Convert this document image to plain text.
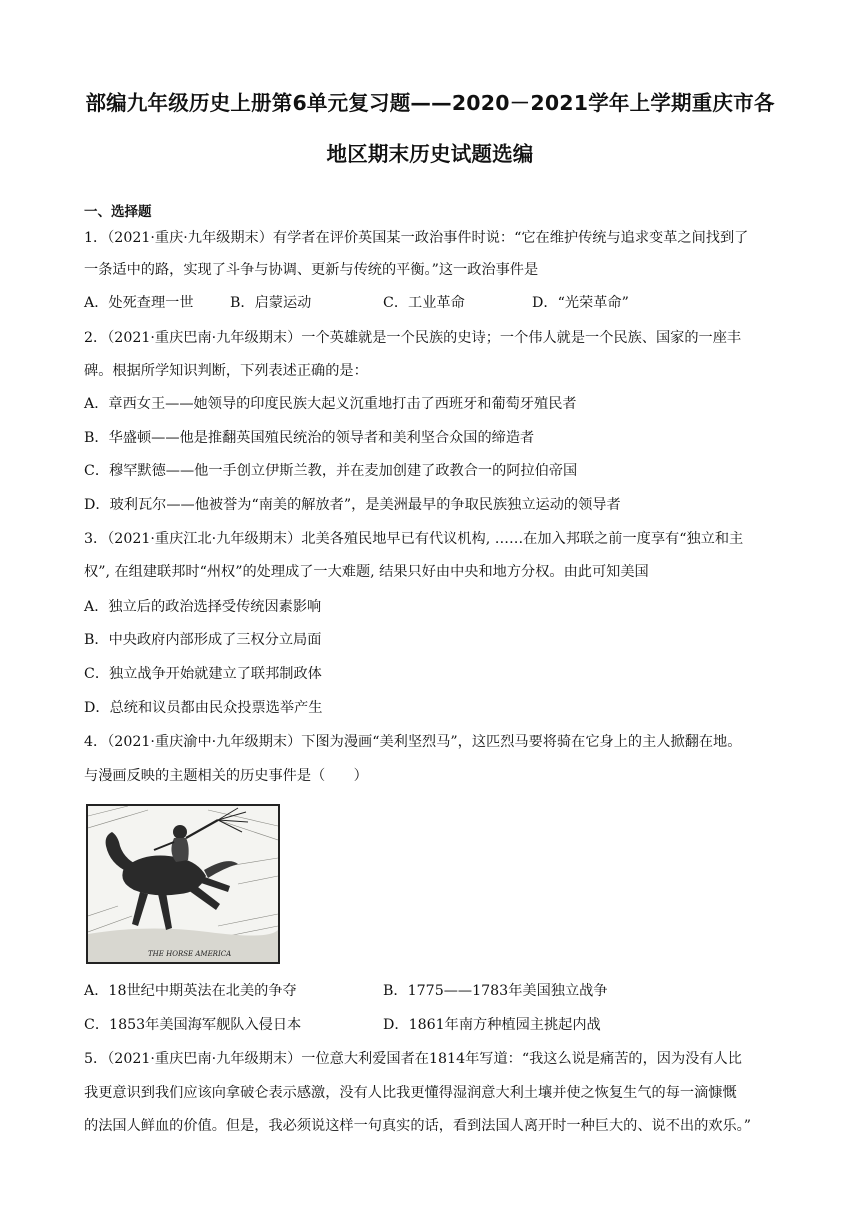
部编九年级历史上册第6单元复习题——2020－2021学年上学期重庆市各
地区期末历史试题选编
一、选择题
1．（2021·重庆·九年级期末）有学者在评价英国某一政治事件时说：“它在维护传统与追求变革之间找到了
一条适中的路，实现了斗争与协调、更新与传统的平衡。”这一政治事件是
A．处死查理一世	B．启蒙运动	C．工业革命	D．“光荣革命”
2．（2021·重庆巴南·九年级期末）一个英雄就是一个民族的史诗；一个伟人就是一个民族、国家的一座丰
碑。根据所学知识判断，下列表述正确的是：
A．章西女王——她领导的印度民族大起义沉重地打击了西班牙和葡萄牙殖民者
B．华盛顿——他是推翻英国殖民统治的领导者和美利坚合众国的缔造者
C．穆罕默德——他一手创立伊斯兰教，并在麦加创建了政教合一的阿拉伯帝国
D．玻利瓦尔——他被誉为“南美的解放者”，是美洲最早的争取民族独立运动的领导者
3．（2021·重庆江北·九年级期末）北美各殖民地早已有代议机构, ……在加入邦联之前一度享有“独立和主
权”, 在组建联邦时“州权”的处理成了一大难题, 结果只好由中央和地方分权。由此可知美国
A．独立后的政治选择受传统因素影响
B．中央政府内部形成了三权分立局面
C．独立战争开始就建立了联邦制政体
D．总统和议员都由民众投票选举产生
4．（2021·重庆渝中·九年级期末）下图为漫画“美利坚烈马”，这匹烈马要将骑在它身上的主人掀翻在地。
与漫画反映的主题相关的历史事件是（　　）
THE HORSE AMERICA
A．18世纪中期英法在北美的争夺	B．1775——1783年美国独立战争
C．1853年美国海军舰队入侵日本	D．1861年南方种植园主挑起内战
5．（2021·重庆巴南·九年级期末）一位意大利爱国者在1814年写道：“我这么说是痛苦的，因为没有人比
我更意识到我们应该向拿破仑表示感激，没有人比我更懂得湿润意大利土壤并使之恢复生气的每一滴慷慨
的法国人鲜血的价值。但是，我必须说这样一句真实的话，看到法国人离开时一种巨大的、说不出的欢乐。”
